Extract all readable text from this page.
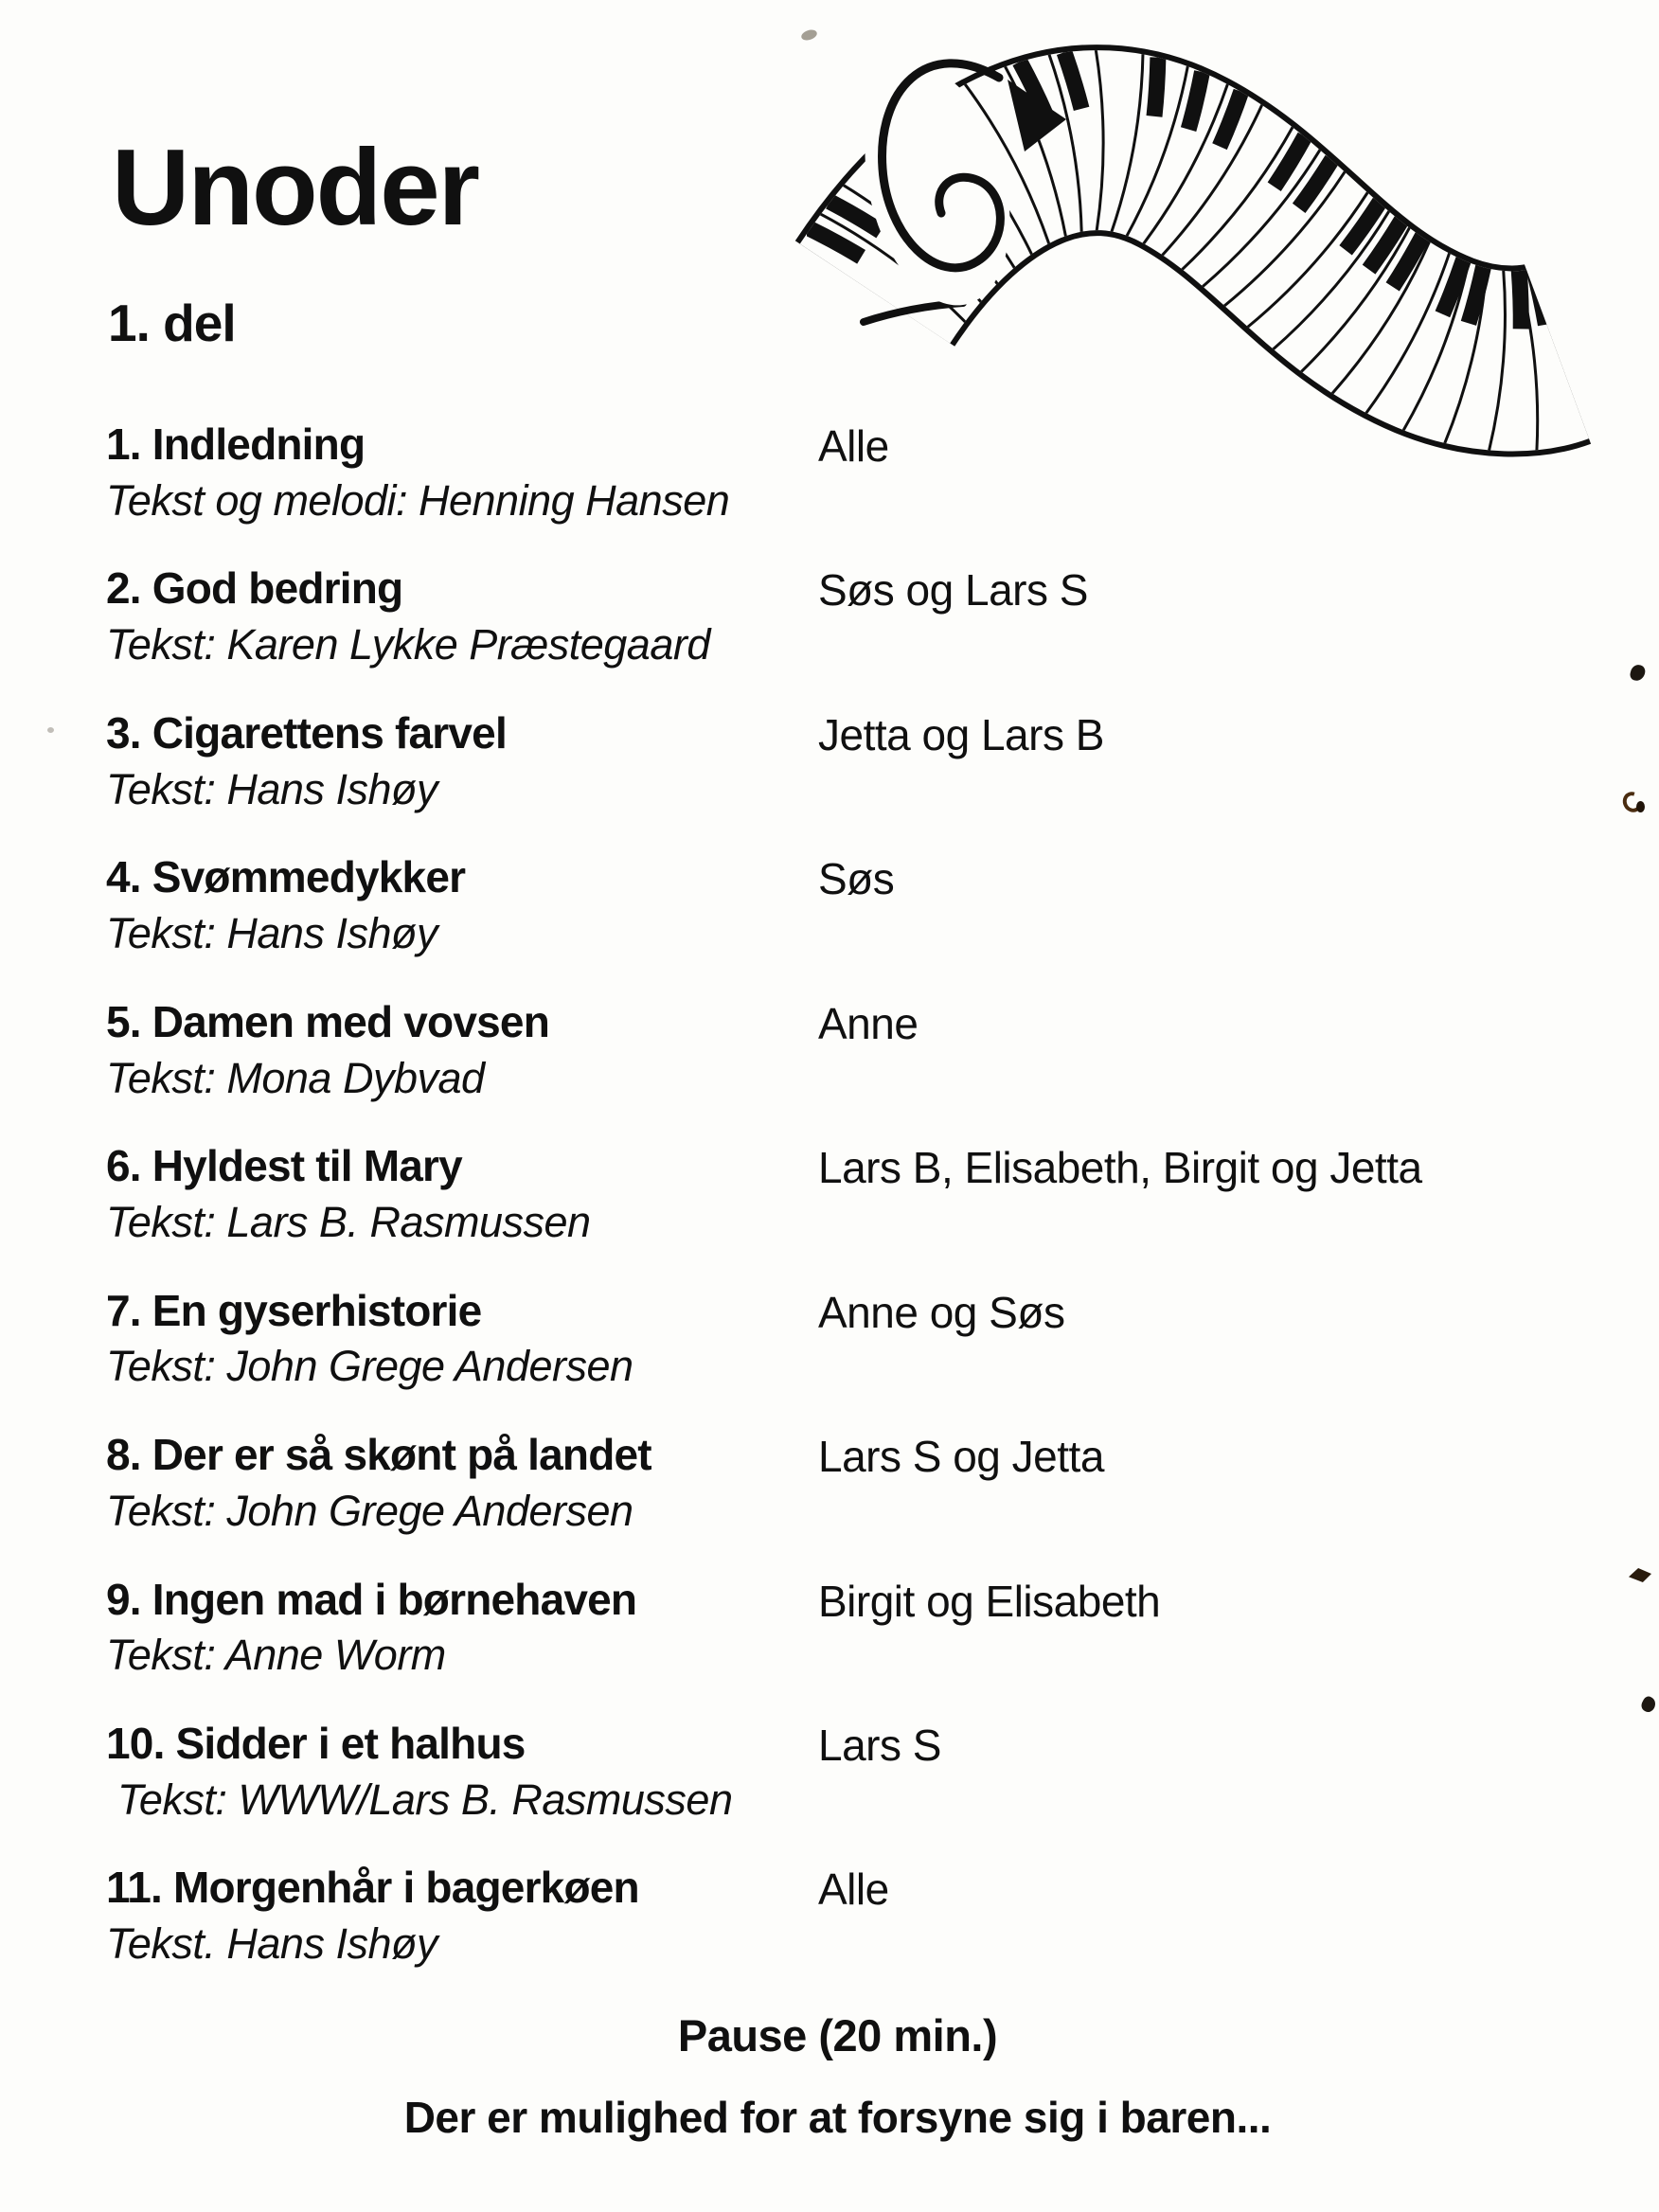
Unoder
1. del
1. Indledning
Tekst og melodi: Henning Hansen
Alle
2. God bedring
Tekst: Karen Lykke Præstegaard
Søs og Lars S
3. Cigarettens farvel
Tekst: Hans Ishøy
Jetta og Lars B
4. Svømmedykker
Tekst: Hans Ishøy
Søs
5. Damen med vovsen
Tekst: Mona Dybvad
Anne
6. Hyldest til Mary
Tekst: Lars B. Rasmussen
Lars B, Elisabeth, Birgit og Jetta
7. En gyserhistorie
Tekst: John Grege Andersen
Anne og Søs
8. Der er så skønt på landet
Tekst: John Grege Andersen
Lars S og Jetta
9. Ingen mad i børnehaven
Tekst: Anne Worm
Birgit og Elisabeth
10. Sidder i et halhus
Tekst: WWW/Lars B. Rasmussen
Lars S
11. Morgenhår i bagerkøen
Tekst. Hans Ishøy
Alle
Pause (20 min.)
Der er mulighed for at forsyne sig i baren...
